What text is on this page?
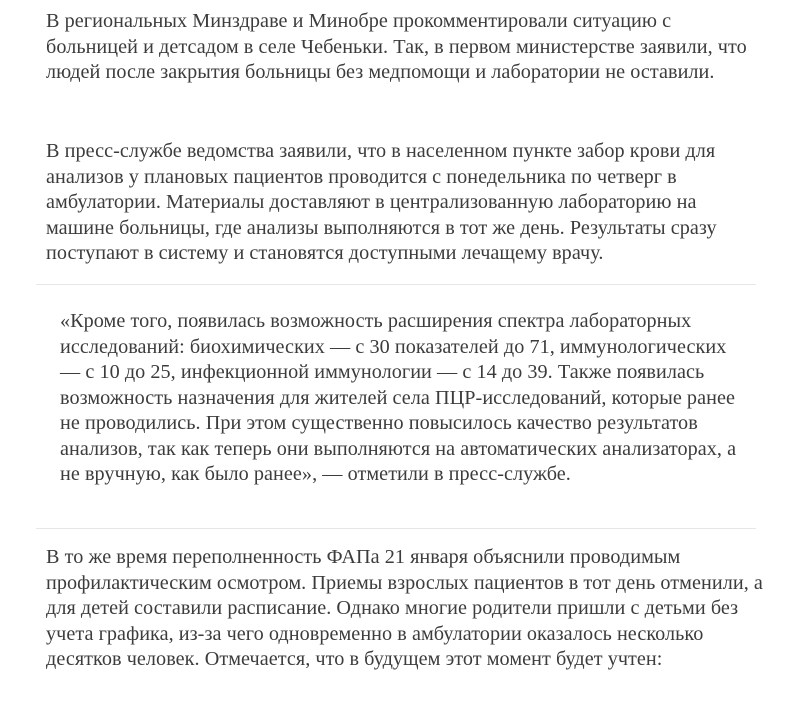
В региональных Минздраве и Минобре прокомментировали ситуацию с больницей и детсадом в селе Чебеньки. Так, в первом министерстве заявили, что людей после закрытия больницы без медпомощи и лаборатории не оставили.

В пресс-службе ведомства заявили, что в населенном пункте забор крови для анализов у плановых пациентов проводится с понедельника по четверг в амбулатории. Материалы доставляют в централизованную лабораторию на машине больницы, где анализы выполняются в тот же день. Результаты сразу поступают в систему и становятся доступными лечащему врачу.

«Кроме того, появилась возможность расширения спектра лабораторных исследований: биохимических — с 30 показателей до 71, иммунологических — с 10 до 25, инфекционной иммунологии — с 14 до 39. Также появилась возможность назначения для жителей села ПЦР-исследований, которые ранее не проводились. При этом существенно повысилось качество результатов анализов, так как теперь они выполняются на автоматических анализаторах, а не вручную, как было ранее», — отметили в пресс-службе.

В то же время переполненность ФАПа 21 января объяснили проводимым профилактическим осмотром. Приемы взрослых пациентов в тот день отменили, а для детей составили расписание. Однако многие родители пришли с детьми без учета графика, из-за чего одновременно в амбулатории оказалось несколько десятков человек. Отмечается, что в будущем этот момент будет учтен:
